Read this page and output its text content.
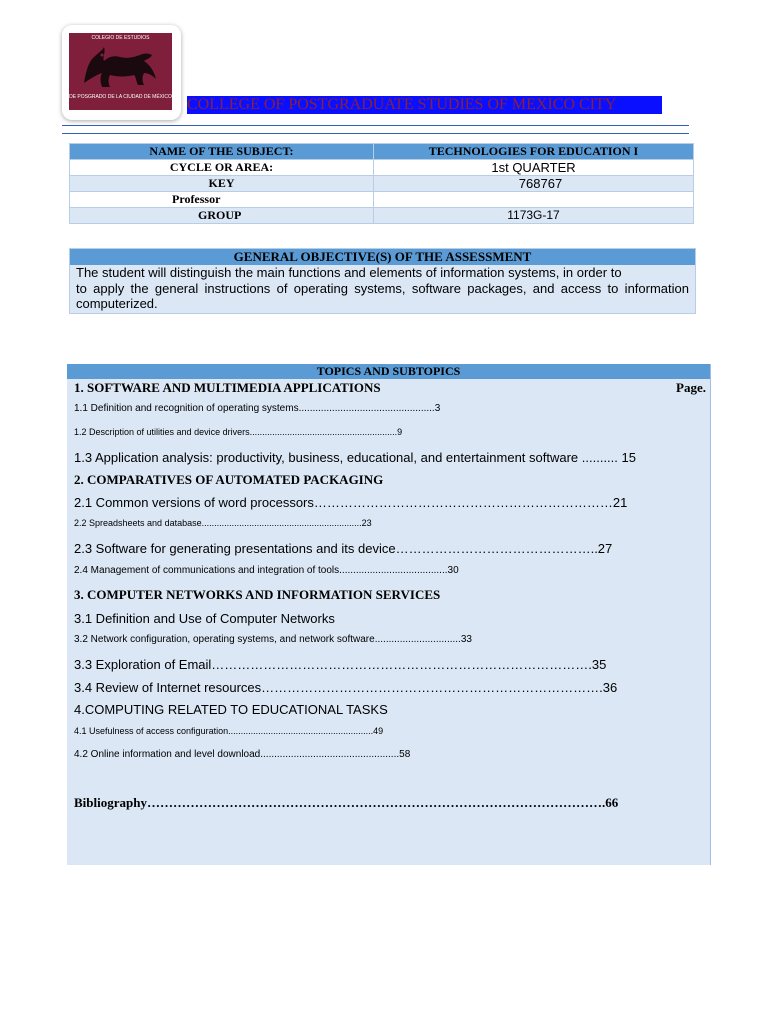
COLEGIO DE ESTUDIOS
DE POSGRADO DE LA CIUDAD DE MÉXICO COLLEGE OF POSTGRADUATE STUDIES OF MEXICO CITY
NAME OF THE SUBJECT:	TECHNOLOGIES FOR EDUCATION I
CYCLE OR AREA:	1st QUARTER
KEY	768767
Professor	
GROUP	1173G-17
GENERAL OBJECTIVE(S) OF THE ASSESSMENT
The student will distinguish the main functions and elements of information systems, in order to
to apply the general instructions of operating systems, software packages, and access to information
computerized.
TOPICS AND SUBTOPICS
Page.
1. SOFTWARE AND MULTIMEDIA APPLICATIONS
1.1 Definition and recognition of operating systems.................................................3
1.2 Description of utilities and device drivers...........................................................9
1.3 Application analysis: productivity, business, educational, and entertainment software .......... 15
2. COMPARATIVES OF AUTOMATED PACKAGING
2.1 Common versions of word processors……………………………………………………………21
2.2 Spreadsheets and database................................................................23
2.3 Software for generating presentations and its device………………………………………..27
2.4 Management of communications and integration of tools.......................................30
3. COMPUTER NETWORKS AND INFORMATION SERVICES
3.1 Definition and Use of Computer Networks
3.2 Network configuration, operating systems, and network software...............................33
3.3 Exploration of Email…………………………………………………………………………….35
3.4 Review of Internet resources…………………………………………………………………….36
4.COMPUTING RELATED TO EDUCATIONAL TASKS
4.1 Usefulness of access configuration..........................................................49
4.2 Online information and level download..................................................58
Bibliography…………………………………………………………………………………………….66
